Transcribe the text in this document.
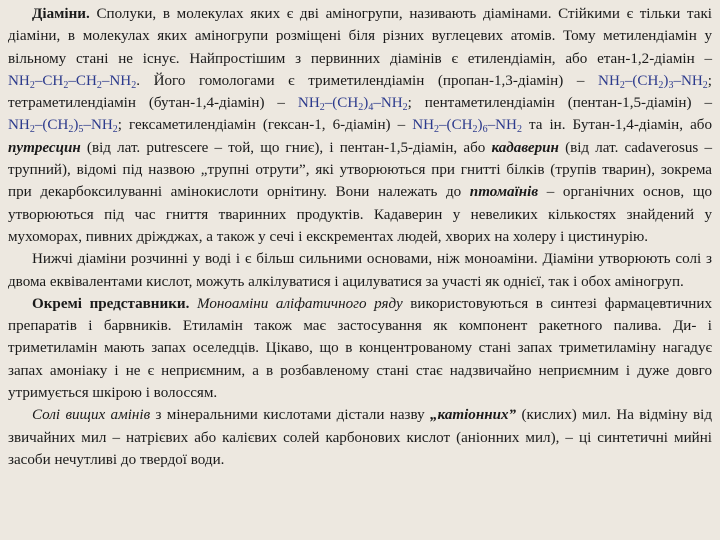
Діаміни. Сполуки, в молекулах яких є дві аміногрупи, називають діамінами. Стійкими є тільки такі діаміни, в молекулах яких аміногрупи розміщені біля різних вуглецевих атомів. Тому метилендіамін у вільному стані не існує. Найпростішим з первинних діамінів є етилендіамін, або етан-1,2-діамін – $NH_2-CH_2-CH_2-NH_2$. Його гомологами є триметилендіамін (пропан-1,3-діамін) – $NH_2-(CH_2)_3-NH_2$; тетраметилендіамін (бутан-1,4-діамін) – $NH_2-(CH_2)_4-NH_2$; пентаметилендіамін (пентан-1,5-діамін) – $NH_2-(CH_2)_5-NH_2$; гексаметилендіамін (гексан-1, 6-діамін) – $NH_2-(CH_2)_6-NH_2$ та ін. Бутан-1,4-діамін, або путресцин (від лат. putrescere – той, що гниє), і пентан-1,5-діамін, або кадаверин (від лат. cadaverosus – трупний), відомі під назвою „трупні отрути”, які утворюються при гнитті білків (трупів тварин), зокрема при декарбоксилуванні амінокислоти орнітину. Вони належать до птомаїнів – органічних основ, що утворюються під час гниття тваринних продуктів. Кадаверин у невеликих кількостях знайдений у мухоморах, пивних дріжджах, а також у сечі і екскрементах людей, хворих на холеру і цистинурію.

Нижчі діаміни розчинні у воді і є більш сильними основами, ніж моноаміни. Діаміни утворюють солі з двома еквівалентами кислот, можуть алкілуватися і ацилуватися за участі як однієї, так і обох аміногруп.

Окремі представники. Моноаміни аліфатичного ряду використовуються в синтезі фармацевтичних препаратів і барвників. Етиламін також має застосування як компонент ракетного палива. Ди- і триметиламін мають запах оселедців. Цікаво, що в концентрованому стані запах триметиламіну нагадує запах амоніаку і не є неприємним, а в розбавленому стані стає надзвичайно неприємним і дуже довго утримується шкірою і волоссям.

Солі вищих амінів з мінеральними кислотами дістали назву „катіонних” (кислих) мил. На відміну від звичайних мил – натрієвих або калієвих солей карбонових кислот (аніонних мил), – ці синтетичні мийні засоби нечутливі до твердої води.
